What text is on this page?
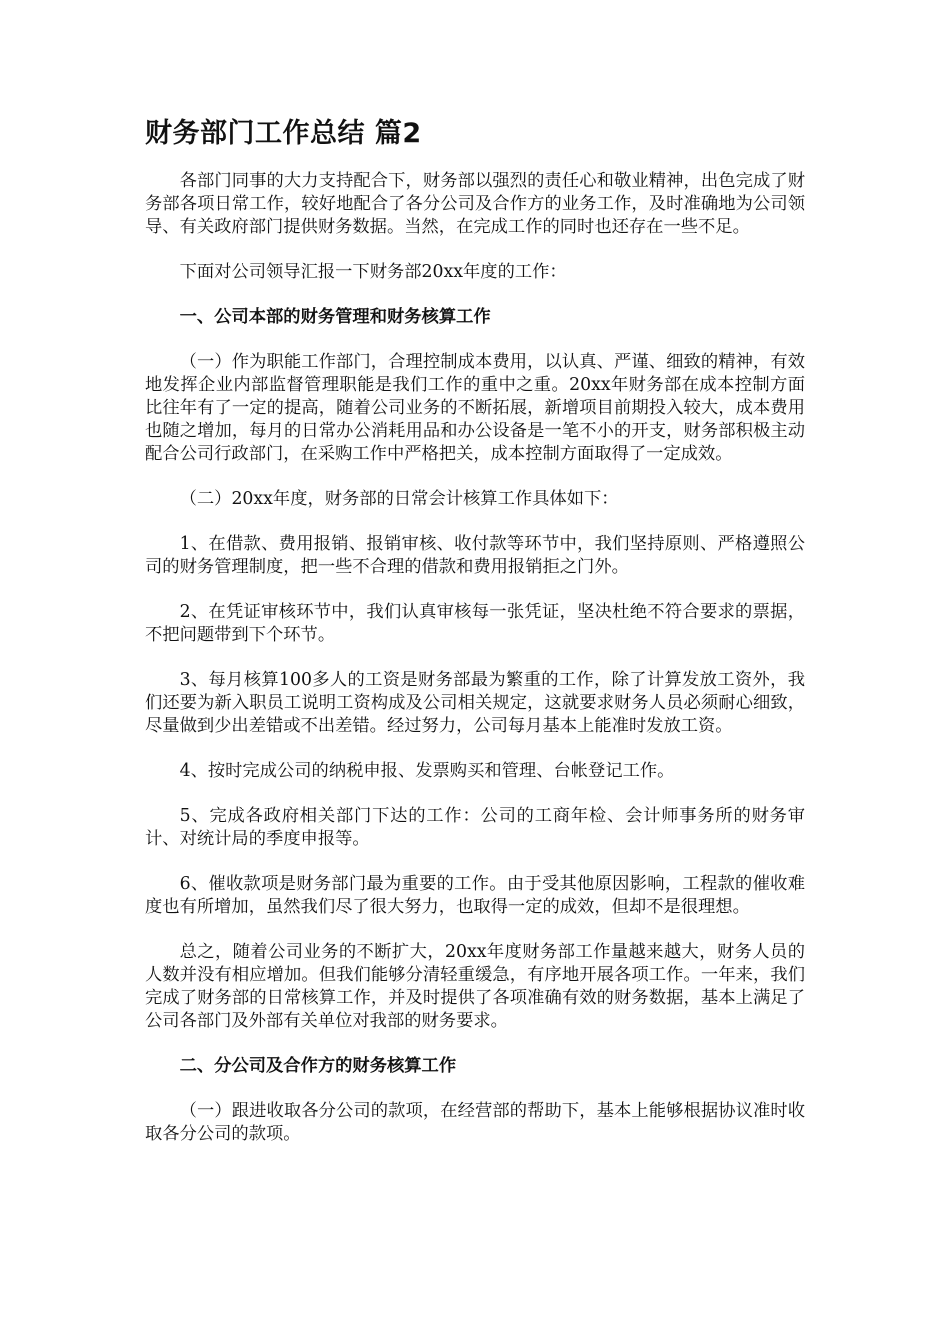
财务部门工作总结 篇2

各部门同事的大力支持配合下，财务部以强烈的责任心和敬业精神，出色完成了财务部各项日常工作，较好地配合了各分公司及合作方的业务工作，及时准确地为公司领导、有关政府部门提供财务数据。当然，在完成工作的同时也还存在一些不足。

下面对公司领导汇报一下财务部20xx年度的工作：

一、公司本部的财务管理和财务核算工作

（一）作为职能工作部门，合理控制成本费用，以认真、严谨、细致的精神，有效地发挥企业内部监督管理职能是我们工作的重中之重。20xx年财务部在成本控制方面比往年有了一定的提高，随着公司业务的不断拓展，新增项目前期投入较大，成本费用也随之增加，每月的日常办公消耗用品和办公设备是一笔不小的开支，财务部积极主动配合公司行政部门，在采购工作中严格把关，成本控制方面取得了一定成效。

（二）20xx年度，财务部的日常会计核算工作具体如下：

1、在借款、费用报销、报销审核、收付款等环节中，我们坚持原则、严格遵照公司的财务管理制度，把一些不合理的借款和费用报销拒之门外。

2、在凭证审核环节中，我们认真审核每一张凭证，坚决杜绝不符合要求的票据，不把问题带到下个环节。

3、每月核算100多人的工资是财务部最为繁重的工作，除了计算发放工资外，我们还要为新入职员工说明工资构成及公司相关规定，这就要求财务人员必须耐心细致，尽量做到少出差错或不出差错。经过努力，公司每月基本上能准时发放工资。

4、按时完成公司的纳税申报、发票购买和管理、台帐登记工作。

5、完成各政府相关部门下达的工作：公司的工商年检、会计师事务所的财务审计、对统计局的季度申报等。

6、催收款项是财务部门最为重要的工作。由于受其他原因影响，工程款的催收难度也有所增加，虽然我们尽了很大努力，也取得一定的成效，但却不是很理想。

总之，随着公司业务的不断扩大，20xx年度财务部工作量越来越大，财务人员的人数并没有相应增加。但我们能够分清轻重缓急，有序地开展各项工作。一年来，我们完成了财务部的日常核算工作，并及时提供了各项准确有效的财务数据，基本上满足了公司各部门及外部有关单位对我部的财务要求。

二、分公司及合作方的财务核算工作

（一）跟进收取各分公司的款项，在经营部的帮助下，基本上能够根据协议准时收取各分公司的款项。
